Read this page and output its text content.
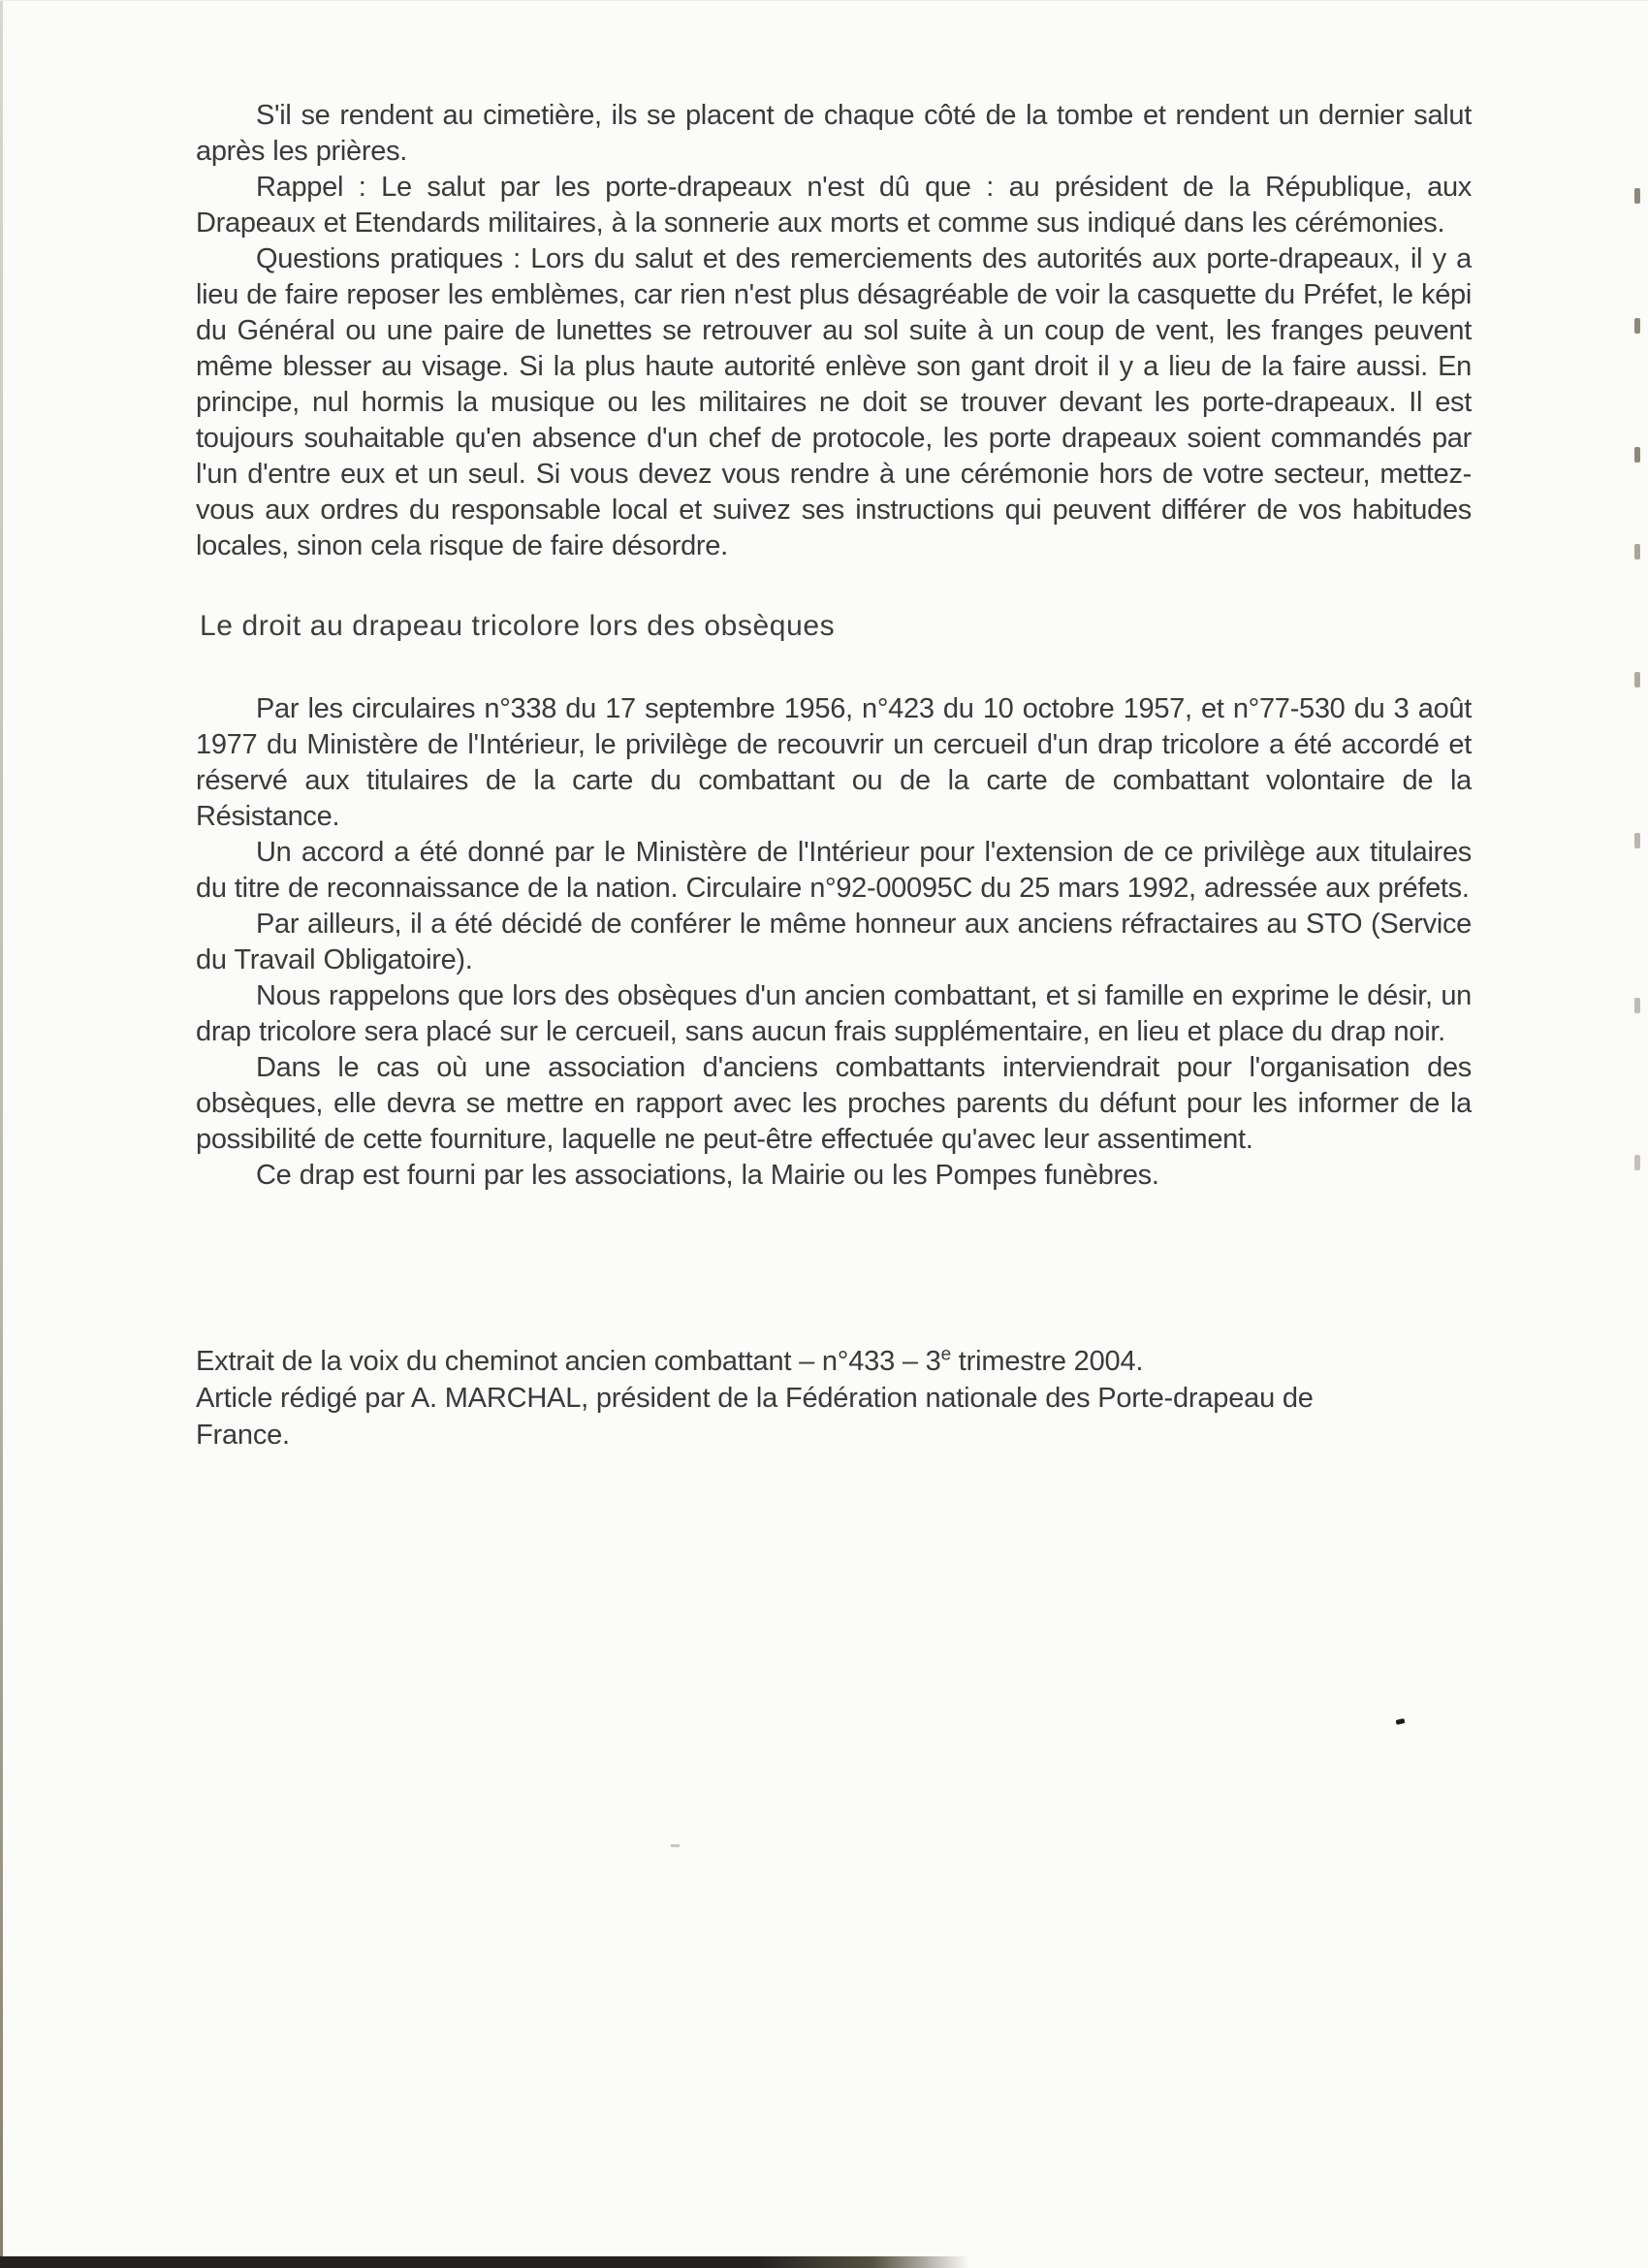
S'il se rendent au cimetière, ils se placent de chaque côté de la tombe et rendent un dernier salut après les prières.

Rappel : Le salut par les porte-drapeaux n'est dû que : au président de la République, aux Drapeaux et Etendards militaires, à la sonnerie aux morts et comme sus indiqué dans les cérémonies.

Questions pratiques : Lors du salut et des remerciements des autorités aux porte-drapeaux, il y a lieu de faire reposer les emblèmes, car rien n'est plus désagréable de voir la casquette du Préfet, le képi du Général ou une paire de lunettes se retrouver au sol suite à un coup de vent, les franges peuvent même blesser au visage. Si la plus haute autorité enlève son gant droit il y a lieu de la faire aussi. En principe, nul hormis la musique ou les militaires ne doit se trouver devant les porte-drapeaux. Il est toujours souhaitable qu'en absence d'un chef de protocole, les porte drapeaux soient commandés par l'un d'entre eux et un seul. Si vous devez vous rendre à une cérémonie hors de votre secteur, mettez-vous aux ordres du responsable local et suivez ses instructions qui peuvent différer de vos habitudes locales, sinon cela risque de faire désordre.

Le droit au drapeau tricolore lors des obsèques

Par les circulaires n°338 du 17 septembre 1956, n°423 du 10 octobre 1957, et n°77-530 du 3 août 1977 du Ministère de l'Intérieur, le privilège de recouvrir un cercueil d'un drap tricolore a été accordé et réservé aux titulaires de la carte du combattant ou de la carte de combattant volontaire de la Résistance.

Un accord a été donné par le Ministère de l'Intérieur pour l'extension de ce privilège aux titulaires du titre de reconnaissance de la nation. Circulaire n°92-00095C du 25 mars 1992, adressée aux préfets.

Par ailleurs, il a été décidé de conférer le même honneur aux anciens réfractaires au STO (Service du Travail Obligatoire).

Nous rappelons que lors des obsèques d'un ancien combattant, et si famille en exprime le désir, un drap tricolore sera placé sur le cercueil, sans aucun frais supplémentaire, en lieu et place du drap noir.

Dans le cas où une association d'anciens combattants interviendrait pour l'organisation des obsèques, elle devra se mettre en rapport avec les proches parents du défunt pour les informer de la possibilité de cette fourniture, laquelle ne peut-être effectuée qu'avec leur assentiment.

Ce drap est fourni par les associations, la Mairie ou les Pompes funèbres.

Extrait de la voix du cheminot ancien combattant – n°433 – 3e trimestre 2004.
Article rédigé par A. MARCHAL, président de la Fédération nationale des Porte-drapeau de
France.
